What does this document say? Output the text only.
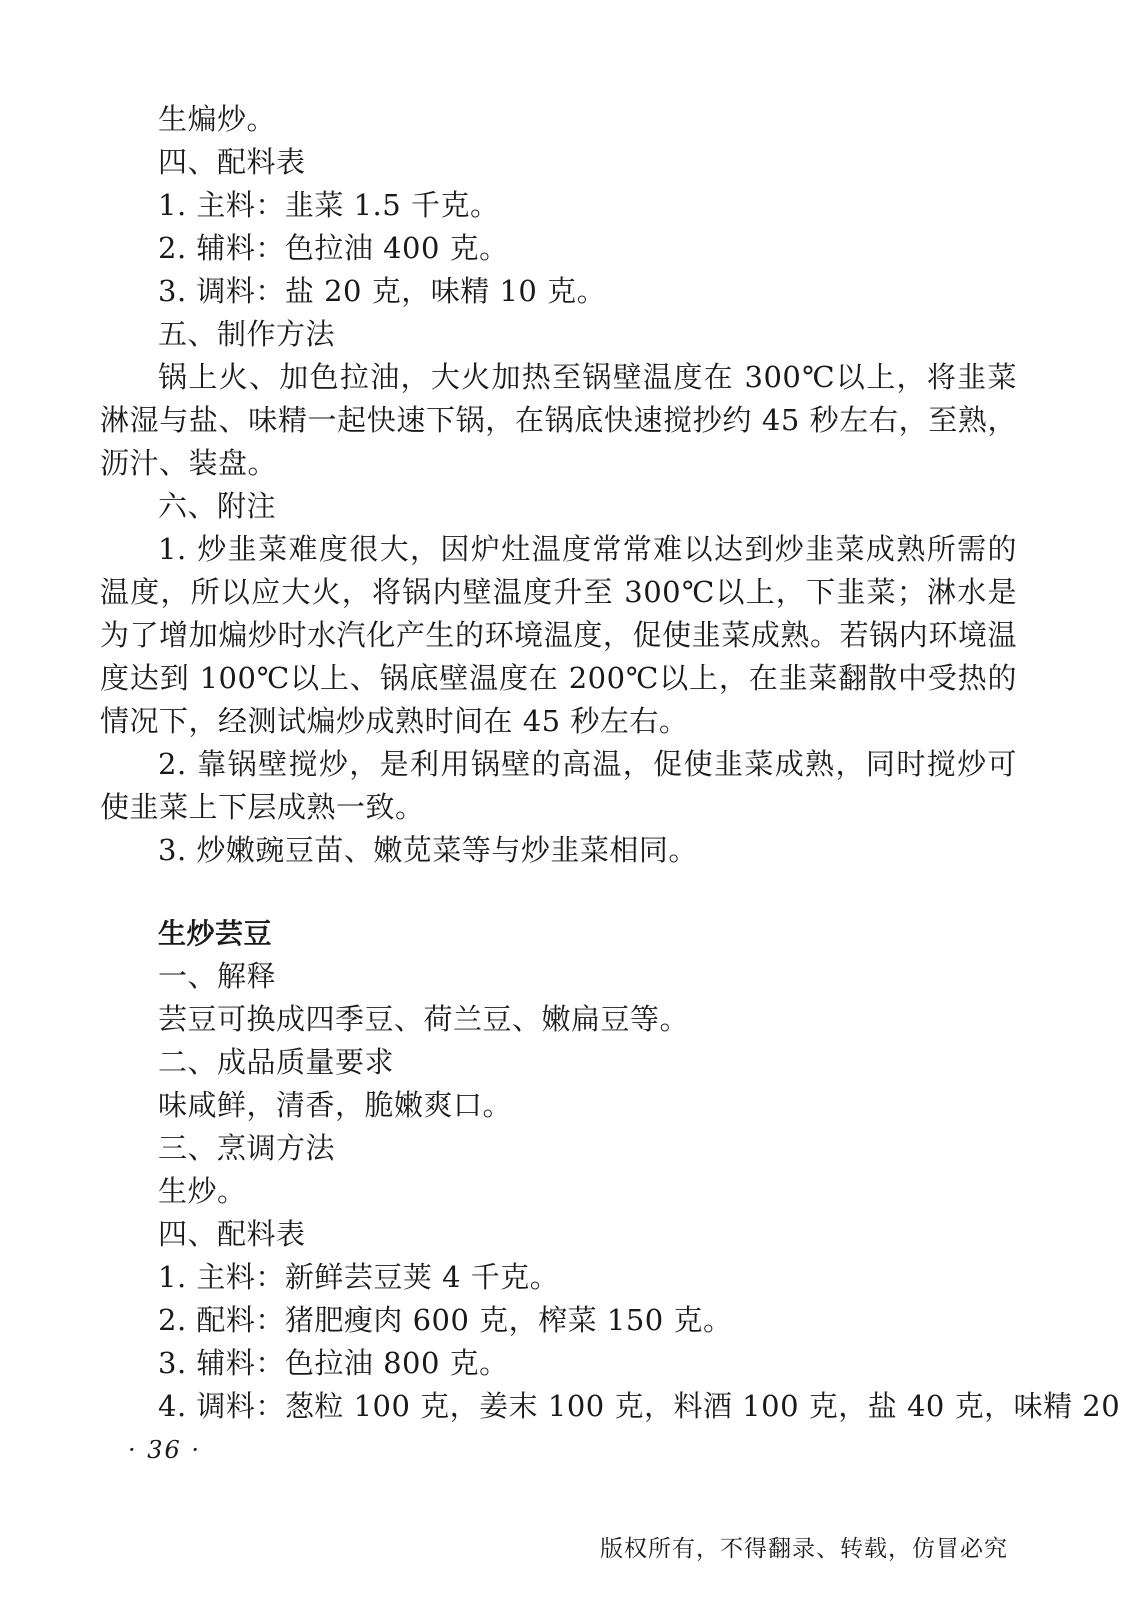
生煸炒。
四、配料表
1. 主料：韭菜 1.5 千克。
2. 辅料：色拉油 400 克。
3. 调料：盐 20 克，味精 10 克。
五、制作方法
锅上火、加色拉油，大火加热至锅壁温度在 300℃以上，将韭菜淋湿与盐、味精一起快速下锅，在锅底快速搅抄约 45 秒左右，至熟，沥汁、装盘。
六、附注
1. 炒韭菜难度很大，因炉灶温度常常难以达到炒韭菜成熟所需的温度，所以应大火，将锅内壁温度升至 300℃以上，下韭菜；淋水是为了增加煸炒时水汽化产生的环境温度，促使韭菜成熟。若锅内环境温度达到 100℃以上、锅底壁温度在 200℃以上，在韭菜翻散中受热的情况下，经测试煸炒成熟时间在 45 秒左右。
2. 靠锅壁搅炒，是利用锅壁的高温，促使韭菜成熟，同时搅炒可使韭菜上下层成熟一致。
3. 炒嫩豌豆苗、嫩苋菜等与炒韭菜相同。
生炒芸豆
一、解释
芸豆可换成四季豆、荷兰豆、嫩扁豆等。
二、成品质量要求
味咸鲜，清香，脆嫩爽口。
三、烹调方法
生炒。
四、配料表
1. 主料：新鲜芸豆荚 4 千克。
2. 配料：猪肥瘦肉 600 克，榨菜 150 克。
3. 辅料：色拉油 800 克。
4. 调料：葱粒 100 克，姜末 100 克，料酒 100 克，盐 40 克，味精 20
· 36 ·
版权所有，不得翻录、转载，仿冒必究
